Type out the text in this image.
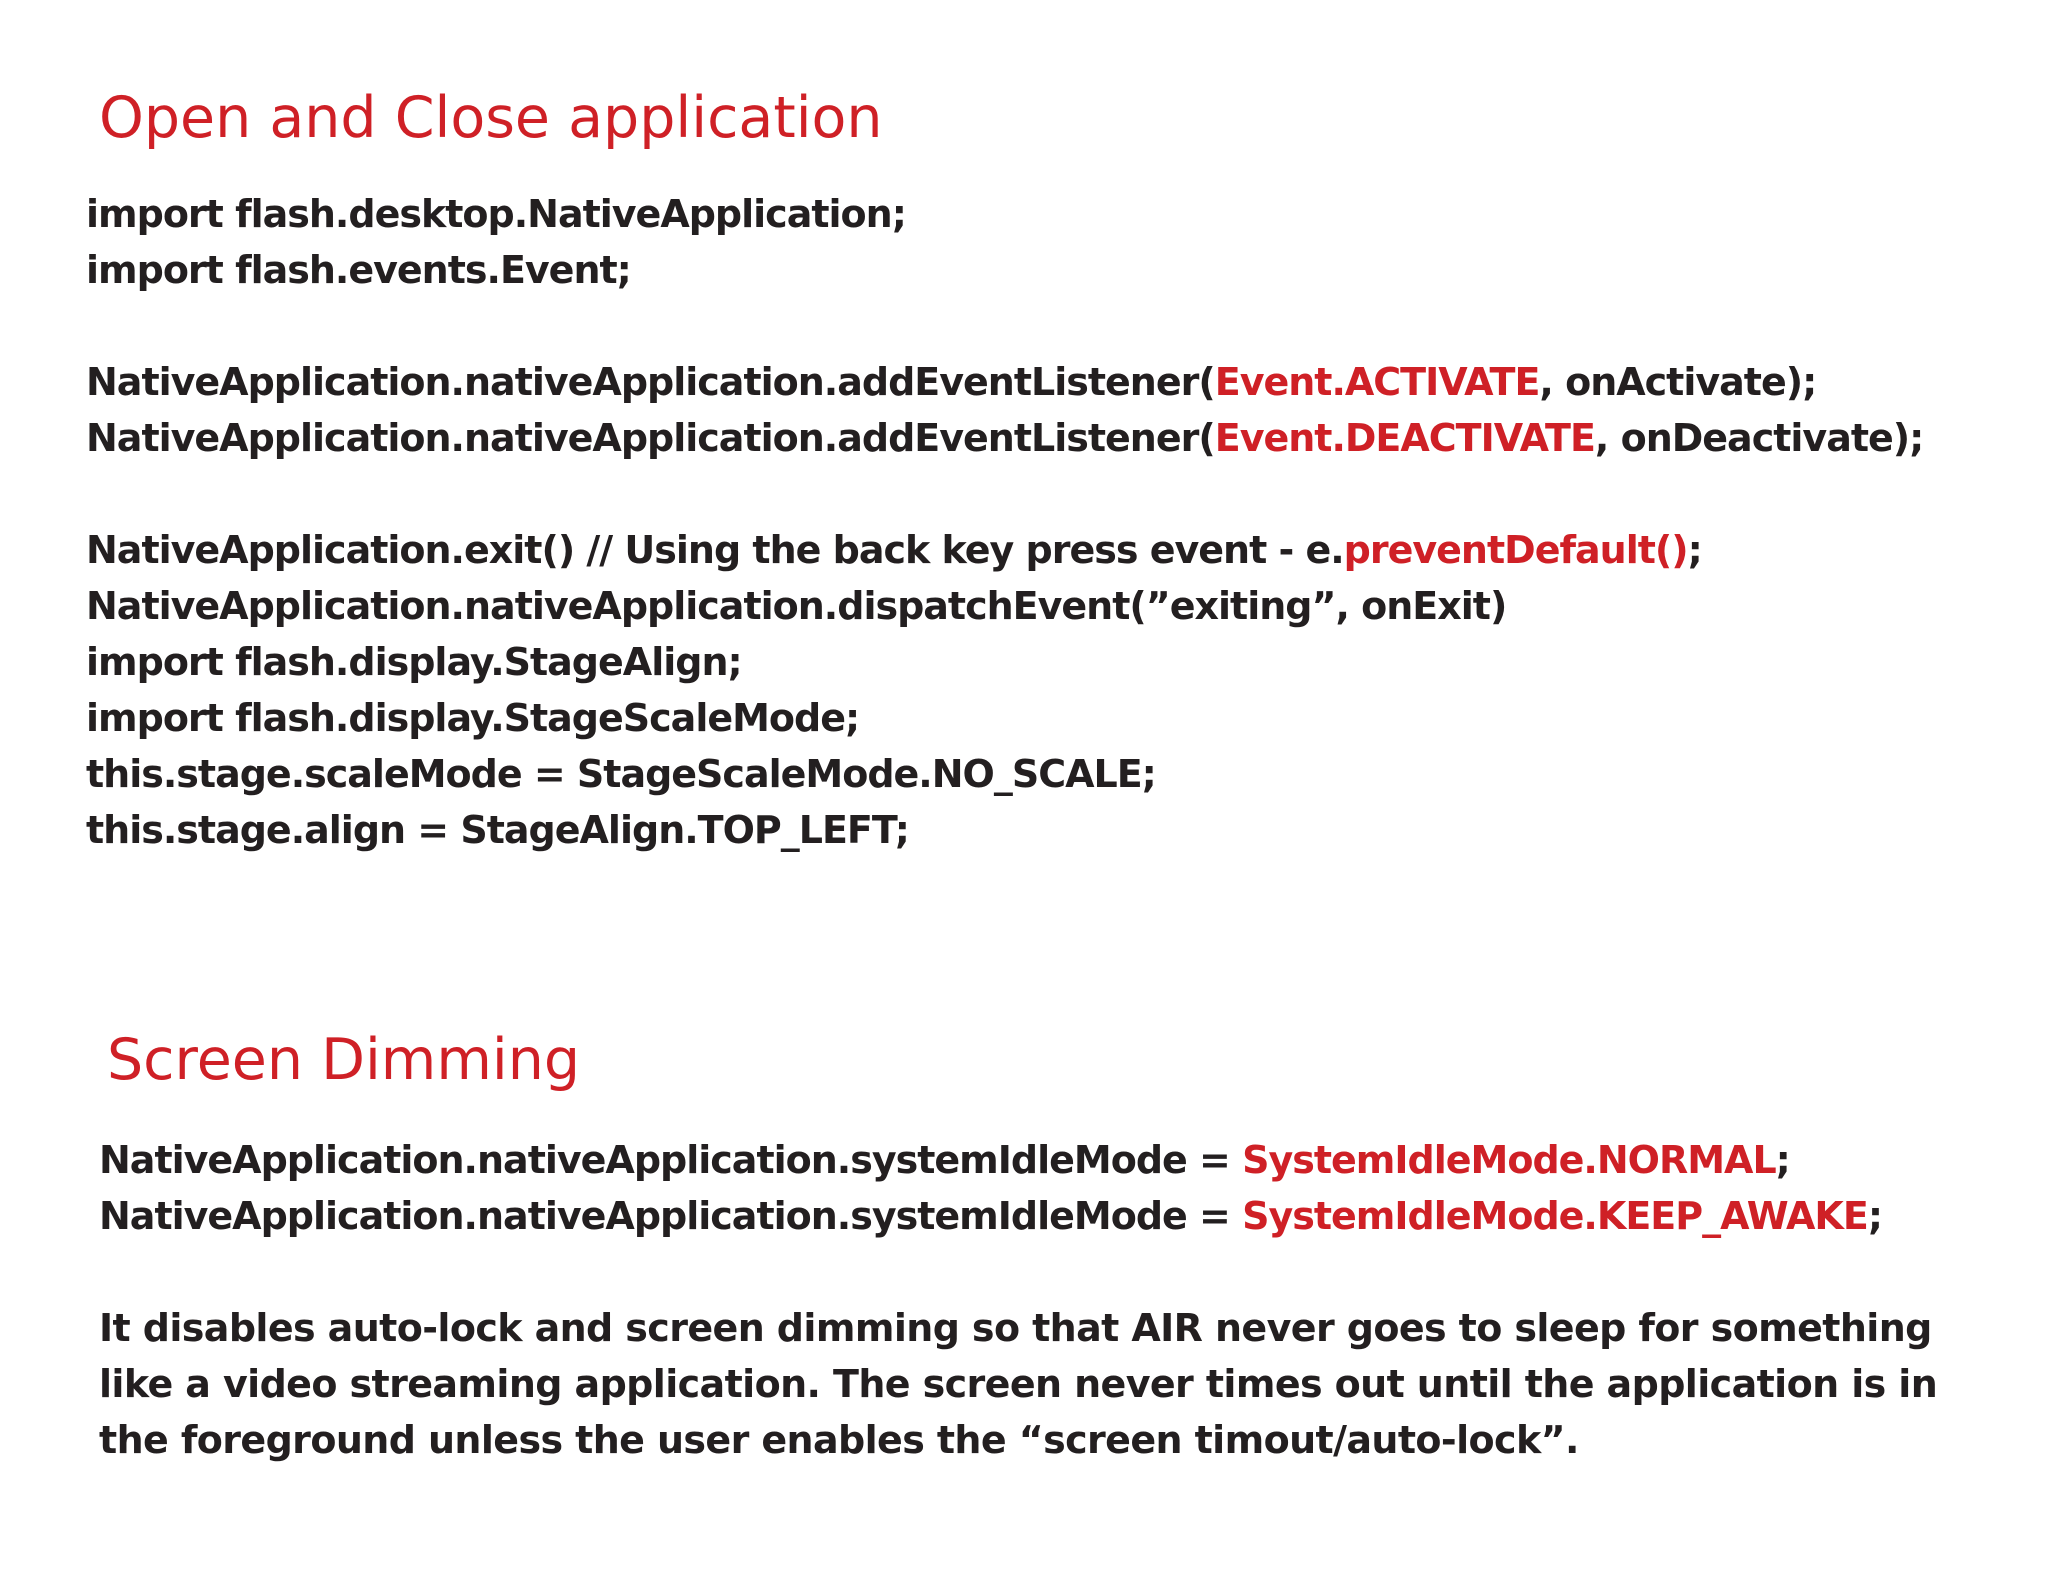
Open and Close application
import flash.desktop.NativeApplication;
import flash.events.Event;
NativeApplication.nativeApplication.addEventListener(Event.ACTIVATE, onActivate);
NativeApplication.nativeApplication.addEventListener(Event.DEACTIVATE, onDeactivate);
NativeApplication.exit() // Using the back key press event - e.preventDefault();
NativeApplication.nativeApplication.dispatchEvent(”exiting”, onExit)
import flash.display.StageAlign;
import flash.display.StageScaleMode;
this.stage.scaleMode = StageScaleMode.NO_SCALE;
this.stage.align = StageAlign.TOP_LEFT;
Screen Dimming
NativeApplication.nativeApplication.systemIdleMode = SystemIdleMode.NORMAL;
NativeApplication.nativeApplication.systemIdleMode = SystemIdleMode.KEEP_AWAKE;
It disables auto-lock and screen dimming so that AIR never goes to sleep for something
like a video streaming application. The screen never times out until the application is in
the foreground unless the user enables the “screen timout/auto-lock”.
